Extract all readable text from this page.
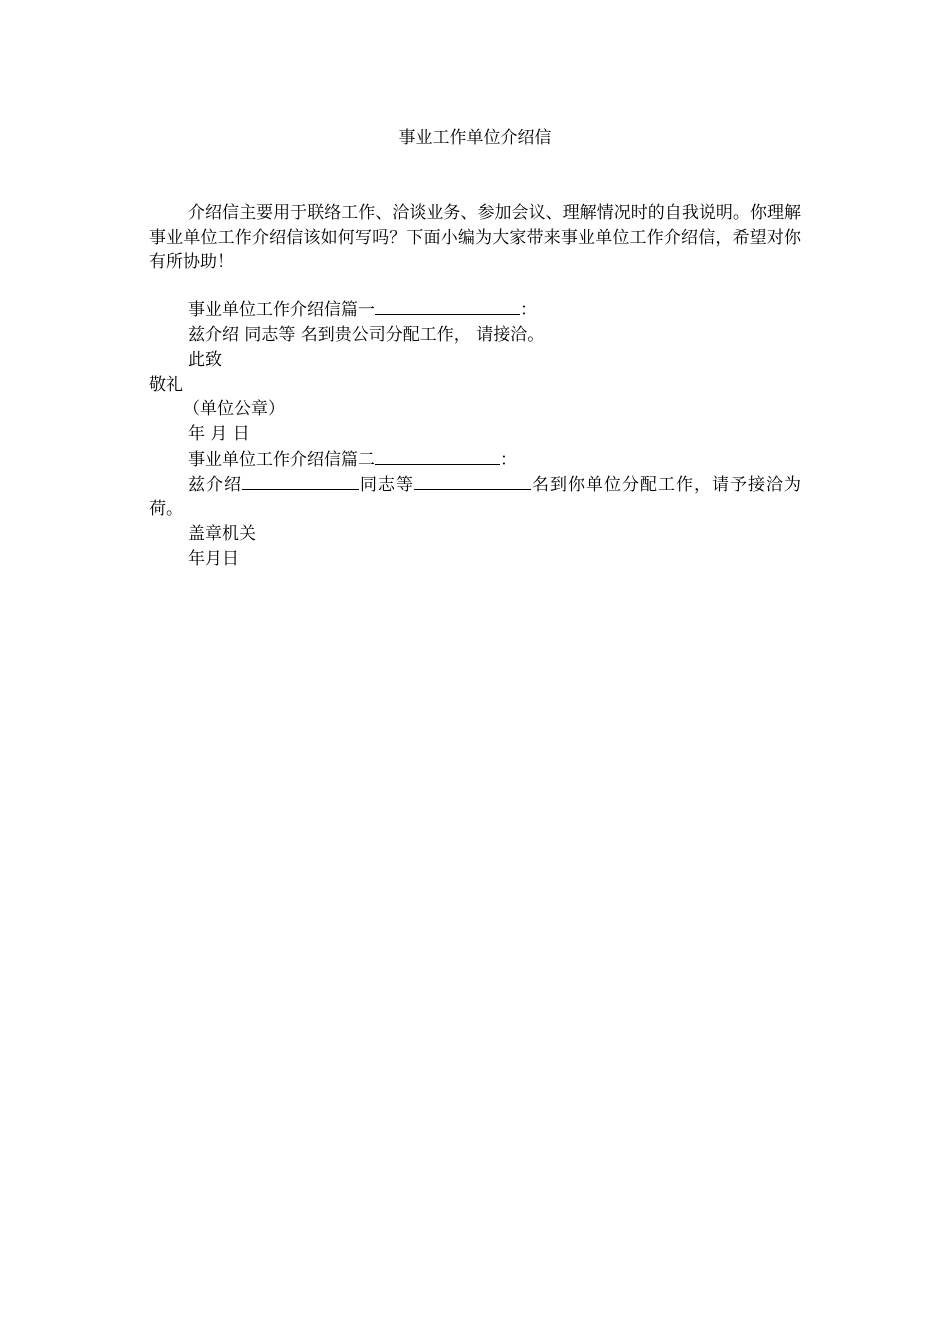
事业工作单位介绍信
介绍信主要用于联络工作、洽谈业务、参加会议、理解情况时的自我说明。你理解事业单位工作介绍信该如何写吗？下面小编为大家带来事业单位工作介绍信，希望对你有所协助！
事业单位工作介绍信篇一	：
兹介绍 同志等 名到贵公司分配工作， 请接洽。
此致
敬礼
（单位公章）
年 月 日
事业单位工作介绍信篇二	：
兹介绍	同志等	名到你单位分配工作，请予接洽为荷。
盖章机关
年月日
